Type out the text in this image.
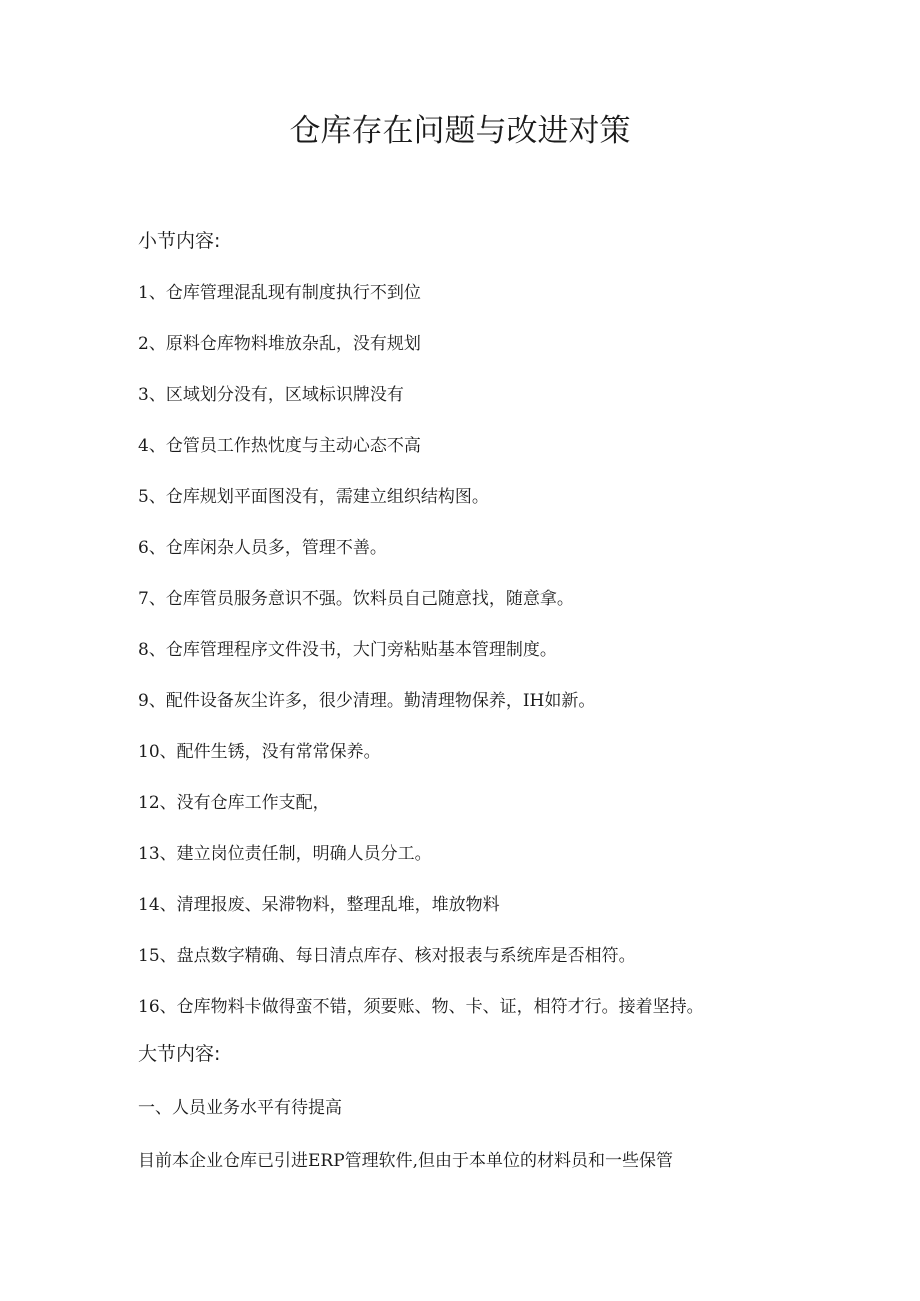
仓库存在问题与改进对策
小节内容:
1、仓库管理混乱现有制度执行不到位
2、原料仓库物料堆放杂乱，没有规划
3、区域划分没有，区域标识牌没有
4、仓管员工作热忱度与主动心态不高
5、仓库规划平面图没有，需建立组织结构图。
6、仓库闲杂人员多，管理不善。
7、仓库管员服务意识不强。饮料员自己随意找，随意拿。
8、仓库管理程序文件没书，大门旁粘贴基本管理制度。
9、配件设备灰尘许多，很少清理。勤清理物保养，IH如新。
10、配件生锈，没有常常保养。
12、没有仓库工作支配，
13、建立岗位责任制，明确人员分工。
14、清理报废、呆滞物料，整理乱堆，堆放物料
15、盘点数字精确、每日清点库存、核对报表与系统库是否相符。
16、仓库物料卡做得蛮不错，须要账、物、卡、证，相符才行。接着坚持。
大节内容:
一、人员业务水平有待提高
目前本企业仓库已引进ERP管理软件,但由于本单位的材料员和一些保管
